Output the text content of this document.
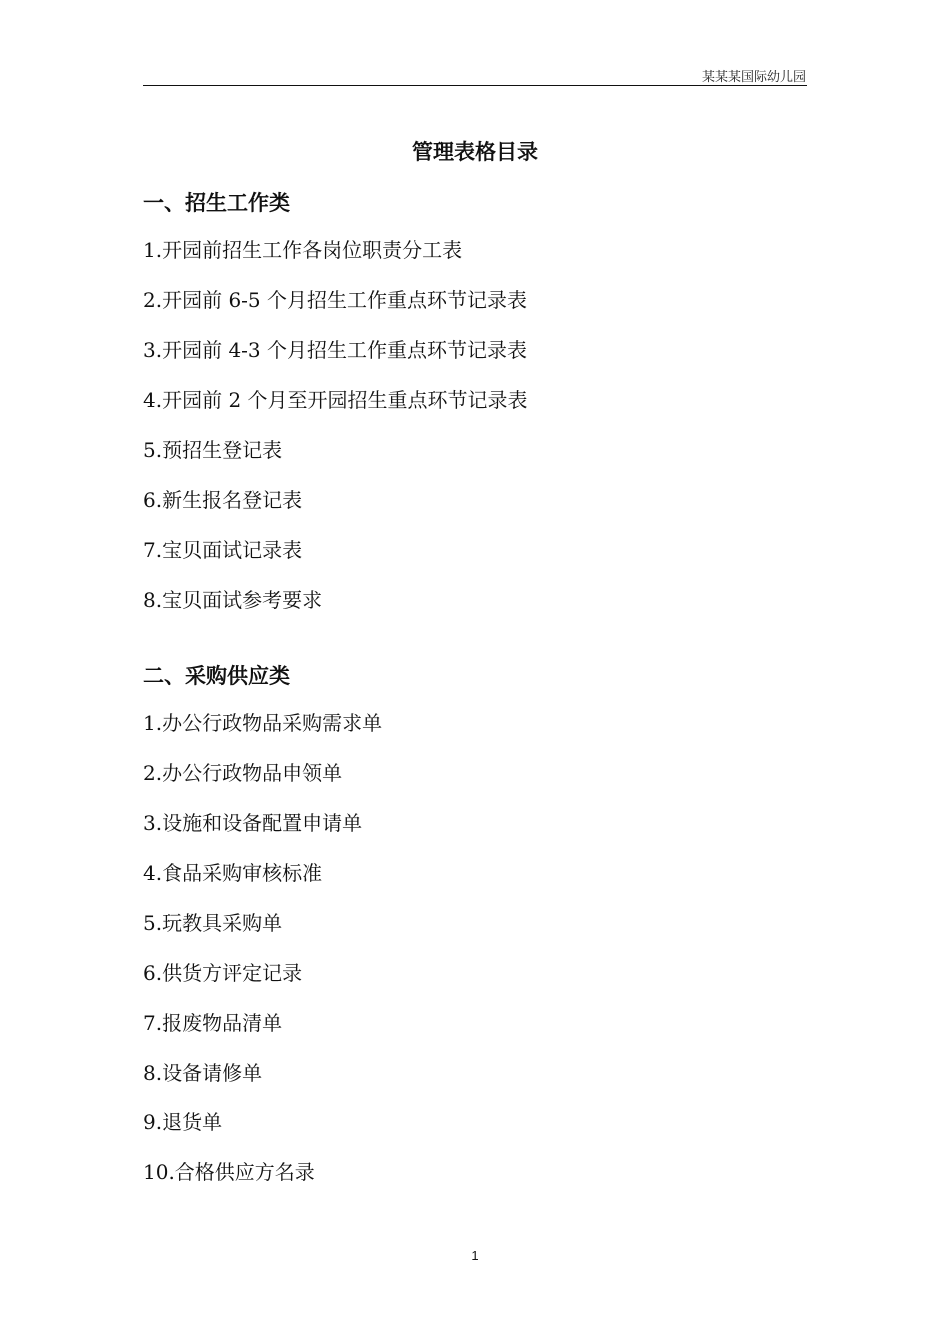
某某某国际幼儿园
管理表格目录
一、招生工作类
1.开园前招生工作各岗位职责分工表
2.开园前 6-5 个月招生工作重点环节记录表
3.开园前 4-3 个月招生工作重点环节记录表
4.开园前 2 个月至开园招生重点环节记录表
5.预招生登记表
6.新生报名登记表
7.宝贝面试记录表
8.宝贝面试参考要求
二、采购供应类
1.办公行政物品采购需求单
2.办公行政物品申领单
3.设施和设备配置申请单
4.食品采购审核标准
5.玩教具采购单
6.供货方评定记录
7.报废物品清单
8.设备请修单
9.退货单
10.合格供应方名录
1
